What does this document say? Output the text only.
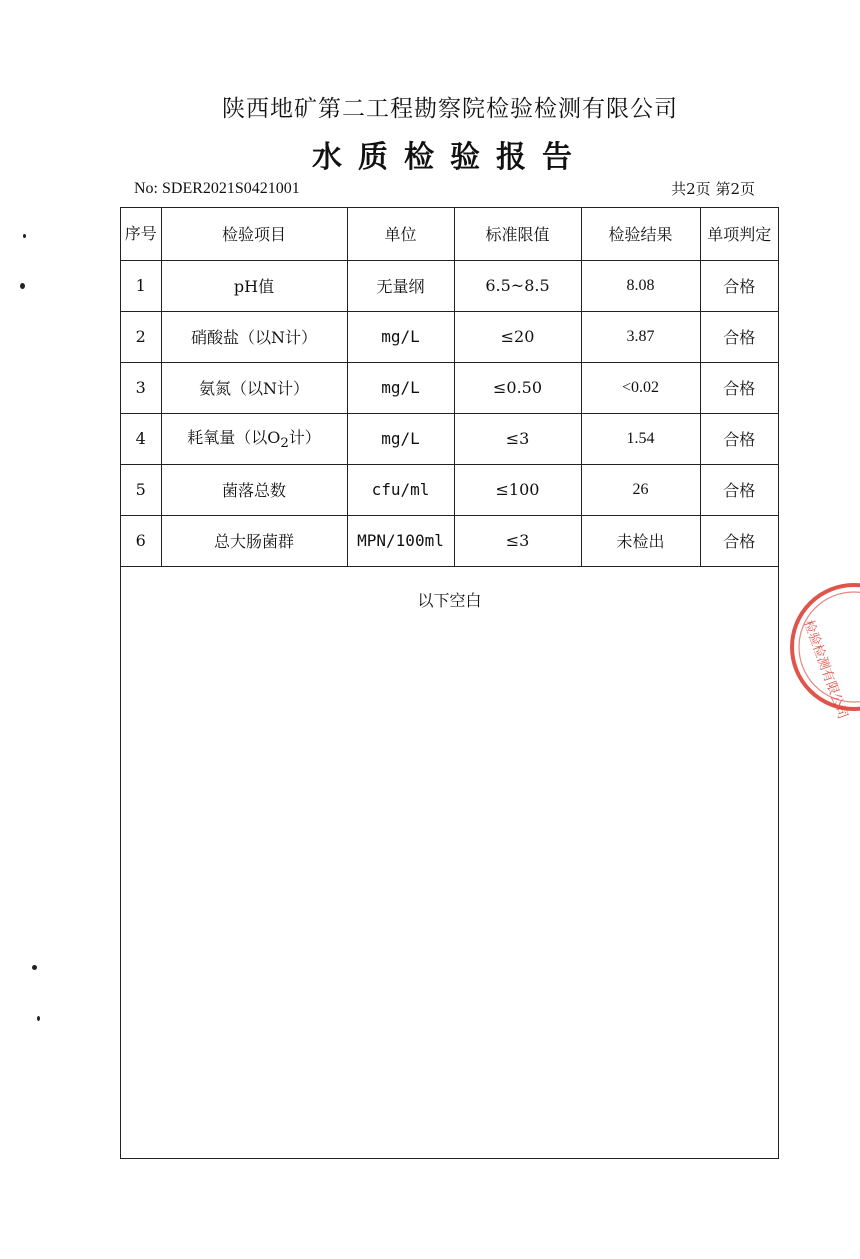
陕西地矿第二工程勘察院检验检测有限公司
水质检验报告
No: SDER2021S0421001	共2页 第2页
序号	检验项目	单位	标准限值	检验结果	单项判定
1	pH值	无量纲	6.5~8.5	8.08	合格
2	硝酸盐（以N计）	mg/L	≤20	3.87	合格
3	氨氮（以N计）	mg/L	≤0.50	<0.02	合格
4	耗氧量（以$O_2$计）	mg/L	≤3	1.54	合格
5	菌落总数	cfu/ml	≤100	26	合格
6	总大肠菌群	MPN/100ml	≤3	未检出	合格
以下空白
检验检测有限公司
